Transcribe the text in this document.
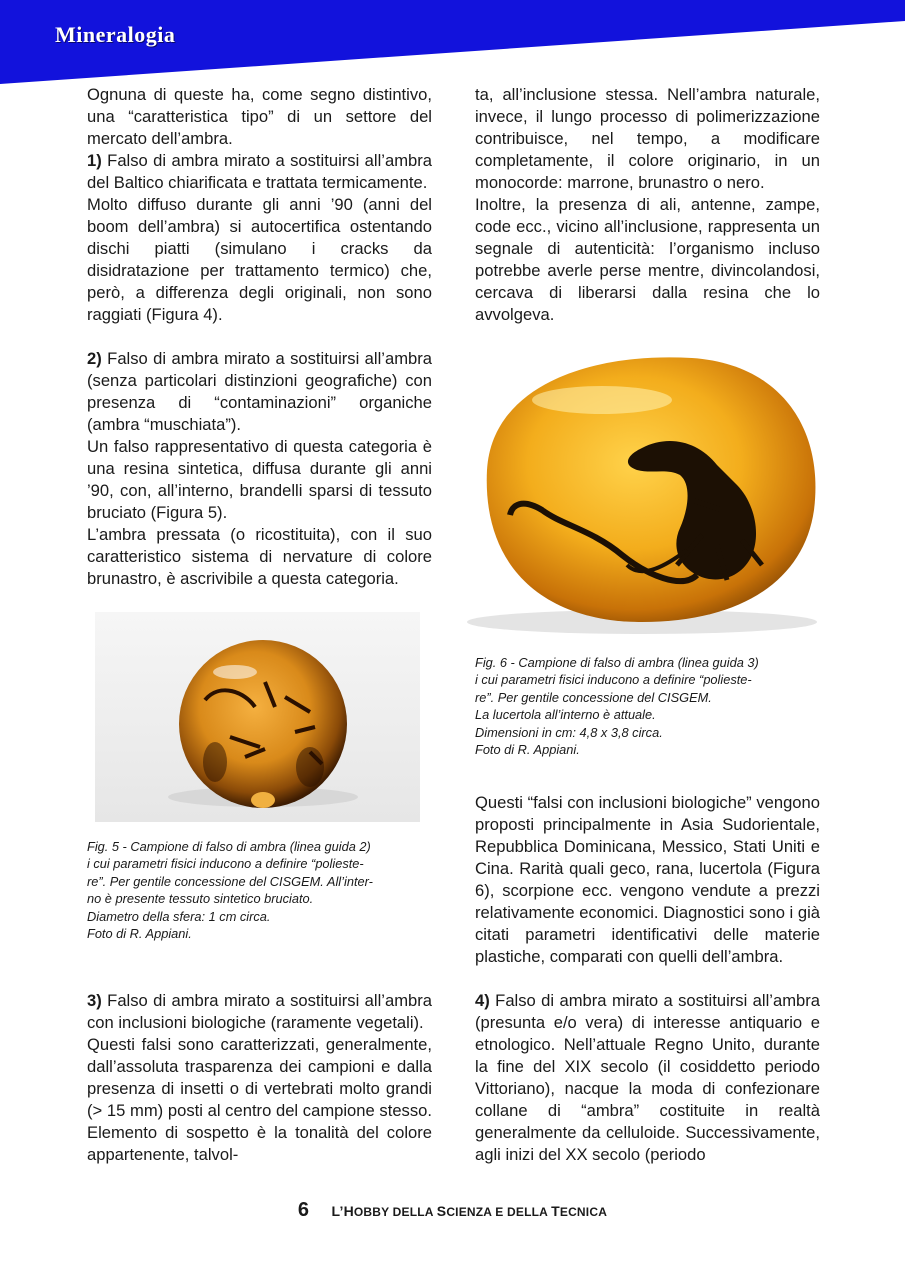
Mineralogia

Ognuna di queste ha, come segno distintivo, una “caratteristica tipo” di un settore del mercato dell’ambra.

1) Falso di ambra mirato a sostituirsi all’ambra del Baltico chiarificata e trattata termicamente.

Molto diffuso durante gli anni ’90 (anni del boom dell’ambra) si autocertifica ostentando dischi piatti (simulano i cracks da disidratazione per trattamento termico) che, però, a differenza degli originali, non sono raggiati (Figura 4).

2) Falso di ambra mirato a sostituirsi all’ambra (senza particolari distinzioni geografiche) con presenza di “contaminazioni” organiche (ambra “muschiata”).

Un falso rappresentativo di questa categoria è una resina sintetica, diffusa durante gli anni ’90, con, all’interno, brandelli sparsi di tessuto bruciato (Figura 5).

L’ambra pressata (o ricostituita), con il suo caratteristico sistema di nervature di colore brunastro, è ascrivibile a questa categoria.

Fig. 5 - Campione di falso di ambra (linea guida 2)
i cui parametri fisici inducono a definire “polieste-
re”. Per gentile concessione del CISGEM. All’inter-
no è presente tessuto sintetico bruciato.
Diametro della sfera: 1 cm circa.
Foto di R. Appiani.

3) Falso di ambra mirato a sostituirsi all’ambra con inclusioni biologiche (raramente vegetali).

Questi falsi sono caratterizzati, generalmente, dall’assoluta trasparenza dei campioni e dalla presenza di insetti o di vertebrati molto grandi (> 15 mm) posti al centro del campione stesso. Elemento di sospetto è la tonalità del colore appartenente, talvol-

ta, all’inclusione stessa. Nell’ambra naturale, invece, il lungo processo di polimerizzazione contribuisce, nel tempo, a modificare completamente, il colore originario, in un monocorde: marrone, brunastro o nero.

Inoltre, la presenza di ali, antenne, zampe, code ecc., vicino all’inclusione, rappresenta un segnale di autenticità: l’organismo incluso potrebbe averle perse mentre, divincolandosi, cercava di liberarsi dalla resina che lo avvolgeva.

Fig. 6 - Campione di falso di ambra (linea guida 3)
i cui parametri fisici inducono a definire “polieste-
re”. Per gentile concessione del CISGEM.
La lucertola all’interno è attuale.
Dimensioni in cm: 4,8 x 3,8 circa.
Foto di R. Appiani.

Questi “falsi con inclusioni biologiche” vengono proposti principalmente in Asia Sudorientale, Repubblica Dominicana, Messico, Stati Uniti e Cina. Rarità quali geco, rana, lucertola (Figura 6), scorpione ecc. vengono vendute a prezzi relativamente economici. Diagnostici sono i già citati parametri identificativi delle materie plastiche, comparati con quelli dell’ambra.

4) Falso di ambra mirato a sostituirsi all’ambra (presunta e/o vera) di interesse antiquario e etnologico. Nell’attuale Regno Unito, durante la fine del XIX secolo (il cosiddetto periodo Vittoriano), nacque la moda di confezionare collane di “ambra” costituite in realtà generalmente da celluloide. Successivamente, agli inizi del XX secolo (periodo

6 L’HOBBY DELLA SCIENZA E DELLA TECNICA
